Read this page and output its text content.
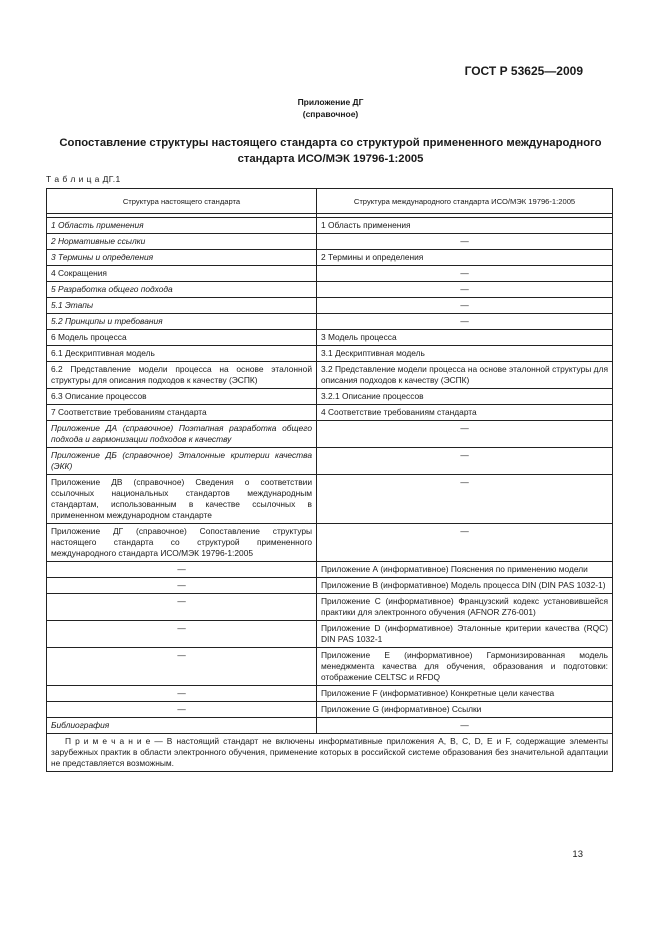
ГОСТ Р 53625—2009
Приложение ДГ
(справочное)
Сопоставление структуры настоящего стандарта со структурой примененного международного стандарта ИСО/МЭК 19796-1:2005
Т а б л и ц а ДГ.1
Структура настоящего стандарта	Структура международного стандарта ИСО/МЭК 19796-1:2005

1 Область применения	1 Область применения
2 Нормативные ссылки	—
3 Термины и определения	2 Термины и определения
4 Сокращения	—
5 Разработка общего подхода	—
5.1 Этапы	—
5.2 Принципы и требования	—
6 Модель процесса	3 Модель процесса
6.1 Дескриптивная модель	3.1 Дескриптивная модель
6.2 Представление модели процесса на основе эталонной структуры для описания подходов к качеству (ЭСПК)	3.2 Представление модели процесса на основе эталонной структуры для описания подходов к качеству (ЭСПК)
6.3 Описание процессов	3.2.1 Описание процессов
7 Соответствие требованиям стандарта	4 Соответствие требованиям стандарта
Приложение ДА (справочное) Поэтапная разработка общего подхода и гармонизации подходов к качеству	—
Приложение ДБ (справочное) Эталонные критерии качества (ЭКК)	—
Приложение ДВ (справочное) Сведения о соответствии ссылочных национальных стандартов международным стандартам, использованным в качестве ссылочных в примененном международном стандарте	—
Приложение ДГ (справочное) Сопоставление структуры настоящего стандарта со структурой примененного международного стандарта ИСО/МЭК 19796-1:2005	—
—	Приложение А (информативное) Пояснения по применению модели
—	Приложение В (информативное) Модель процесса DIN (DIN PAS 1032-1)
—	Приложение С (информативное) Французский кодекс установившейся практики для электронного обучения (AFNOR Z76-001)
—	Приложение D (информативное) Эталонные критерии качества (RQC) DIN PAS 1032-1
—	Приложение Е (информативное) Гармонизированная модель менеджмента качества для обучения, образования и подготовки: отображение CELTSC и RFDQ
—	Приложение F (информативное) Конкретные цели качества
—	Приложение G (информативное) Ссылки
Библиография	—
П р и м е ч а н и е — В настоящий стандарт не включены информативные приложения А, В, С, D, Е и F, содержащие элементы зарубежных практик в области электронного обучения, применение которых в российской системе образования без значительной адаптации не представляется возможным.	
13
